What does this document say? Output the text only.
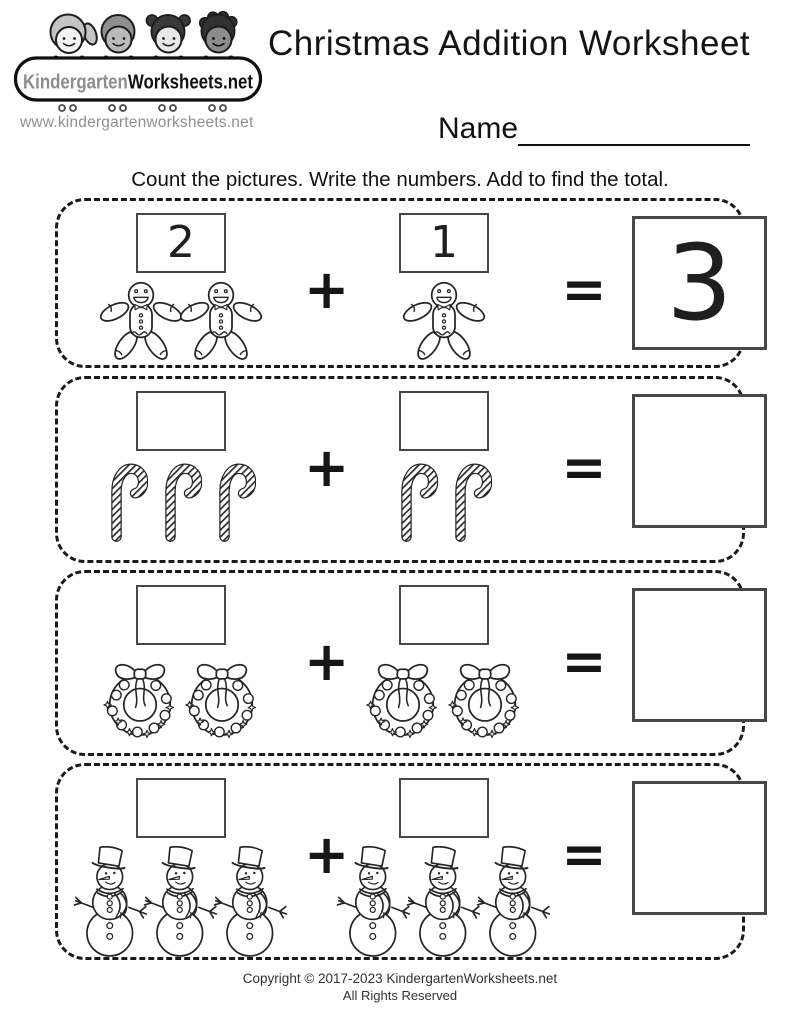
KindergartenWorksheets.net
www.kindergartenworksheets.net
Christmas Addition Worksheet
Name

Count the pictures. Write the numbers. Add to find the total.

2
+
1
= 3
+	=
+	=
+	=
Copyright © 2017-2023 KindergartenWorksheets.net
All Rights Reserved
